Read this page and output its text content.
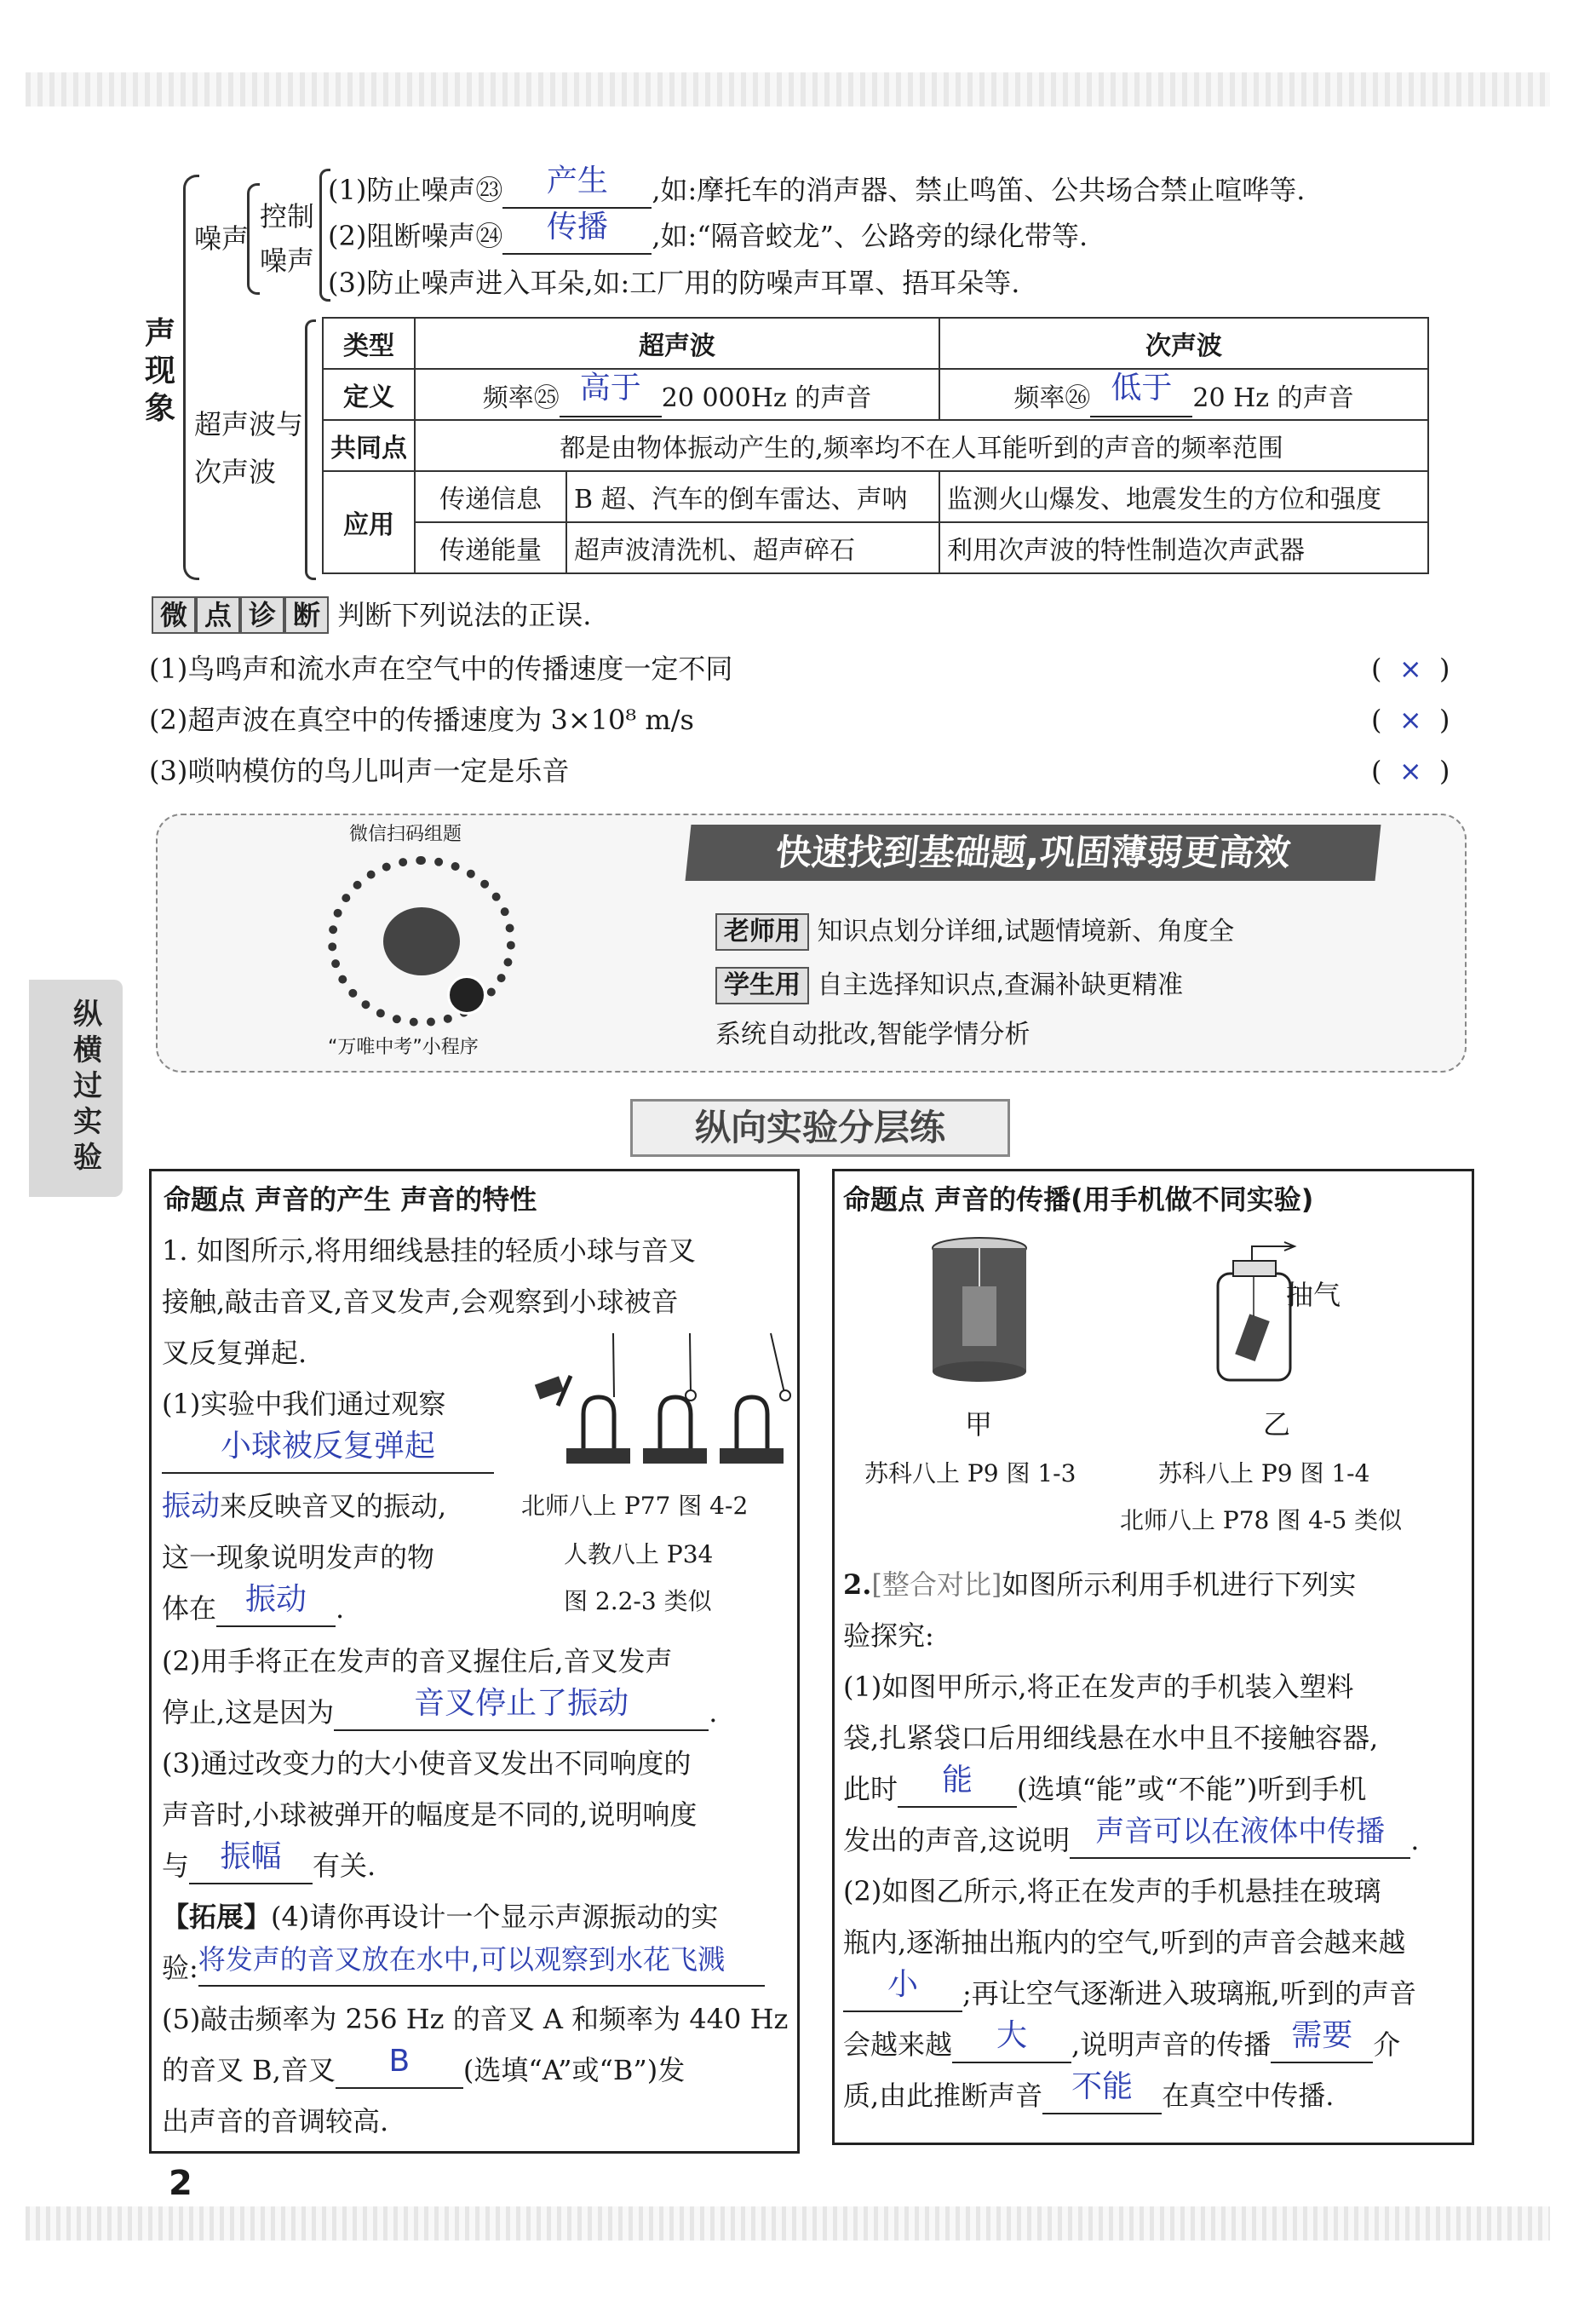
声现象
噪声
控制噪声
(1)防止噪声㉓ 产生 ,如:摩托车的消声器、禁止鸣笛、公共场合禁止喧哗等.
(2)阻断噪声㉔ 传播 ,如:“隔音蛟龙”、公路旁的绿化带等.
(3)防止噪声进入耳朵,如:工厂用的防噪声耳罩、捂耳朵等.
超声波与次声波
类型	超声波		次声波
定义	频率㉕ 高于 20 000Hz 的声音		频率㉖ 低于 20 Hz 的声音
共同点	都是由物体振动产生的,频率均不在人耳能听到的声音的频率范围		
应用	传递信息	B 超、汽车的倒车雷达、声呐	监测火山爆发、地震发生的方位和强度
	传递能量	超声波清洗机、超声碎石	利用次声波的特性制造次声武器
微 点 诊 断 判断下列说法的正误.
(1)鸟鸣声和流水声在空气中的传播速度一定不同	(  ×  )
(2)超声波在真空中的传播速度为 3×10⁸ m/s	(  ×  )
(3)唢呐模仿的鸟儿叫声一定是乐音	(  ×  )
微信扫码组题
“万唯中考”小程序
快速找到基础题,巩固薄弱更高效
老师用 知识点划分详细,试题情境新、角度全
学生用 自主选择知识点,查漏补缺更精准
系统自动批改,智能学情分析
纵横过实验
纵向实验分层练
命题点 声音的产生 声音的特性
1. 如图所示,将用细线悬挂的轻质小球与音叉
接触,敲击音叉,音叉发声,会观察到小球被音
叉反复弹起.
(1)实验中我们通过观察
小球被反复弹起
振动来反映音叉的振动,
这一现象说明发声的物
体在 振动 .
北师八上 P77 图 4-2
人教八上 P34
图 2.2-3 类似
(2)用手将正在发声的音叉握住后,音叉发声
停止,这是因为	音叉停止了振动	.
(3)通过改变力的大小使音叉发出不同响度的
声音时,小球被弹开的幅度是不同的,说明响度
与 振幅 有关.
【拓展】(4)请你再设计一个显示声源振动的实
验:将发声的音叉放在水中,可以观察到水花飞溅
(5)敲击频率为 256 Hz 的音叉 A 和频率为 440 Hz
的音叉 B,音叉 B (选填“A”或“B”)发
出声音的音调较高.
命题点 声音的传播(用手机做不同实验)
抽气
甲	乙
苏科八上 P9 图 1-3	苏科八上 P9 图 1-4
北师八上 P78 图 4-5 类似
2.[整合对比]如图所示利用手机进行下列实
验探究:
(1)如图甲所示,将正在发声的手机装入塑料
袋,扎紧袋口后用细线悬在水中且不接触容器,
此时 能 (选填“能”或“不能”)听到手机
发出的声音,这说明 声音可以在液体中传播 .
(2)如图乙所示,将正在发声的手机悬挂在玻璃
瓶内,逐渐抽出瓶内的空气,听到的声音会越来越
小 ;再让空气逐渐进入玻璃瓶,听到的声音
会越来越 大 ,说明声音的传播 需要 介
质,由此推断声音 不能 在真空中传播.
2
